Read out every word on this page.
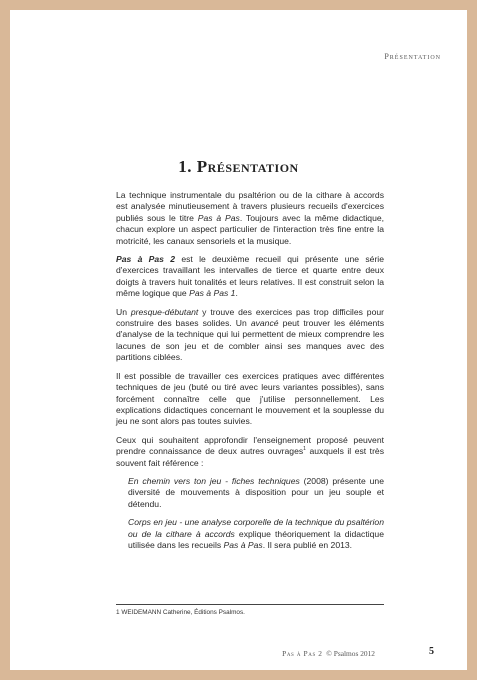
Présentation
1. Présentation

La technique instrumentale du psaltérion ou de la cithare à accords est analysée minutieusement à travers plusieurs recueils d'exercices publiés sous le titre Pas à Pas. Toujours avec la même didactique, chacun explore un aspect particulier de l'interaction très fine entre la motricité, les canaux sensoriels et la musique.

Pas à Pas 2 est le deuxième recueil qui présente une série d'exercices travaillant les intervalles de tierce et quarte entre deux doigts à travers huit tonalités et leurs relatives. Il est construit selon la même logique que Pas à Pas 1.

Un presque-débutant y trouve des exercices pas trop difficiles pour construire des bases solides. Un avancé peut trouver les éléments d'analyse de la technique qui lui permettent de mieux comprendre les lacunes de son jeu et de combler ainsi ses manques avec des partitions ciblées.

Il est possible de travailler ces exercices pratiques avec différentes techniques de jeu (buté ou tiré avec leurs variantes possibles), sans forcément connaître celle que j'utilise personnellement. Les explications didactiques concernant le mouvement et la souplesse du jeu ne sont alors pas toutes suivies.

Ceux qui souhaitent approfondir l'enseignement proposé peuvent prendre connaissance de deux autres ouvrages$^1$ auxquels il est très souvent fait référence :

En chemin vers ton jeu - fiches techniques (2008) présente une diversité de mouvements à disposition pour un jeu souple et détendu.

Corps en jeu - une analyse corporelle de la technique du psaltérion ou de la cithare à accords explique théoriquement la didactique utilisée dans les recueils Pas à Pas. Il sera publié en 2013.

1 WEIDEMANN Catherine, Éditions Psalmos.
Pas à Pas 2 © Psalmos 2012	5
